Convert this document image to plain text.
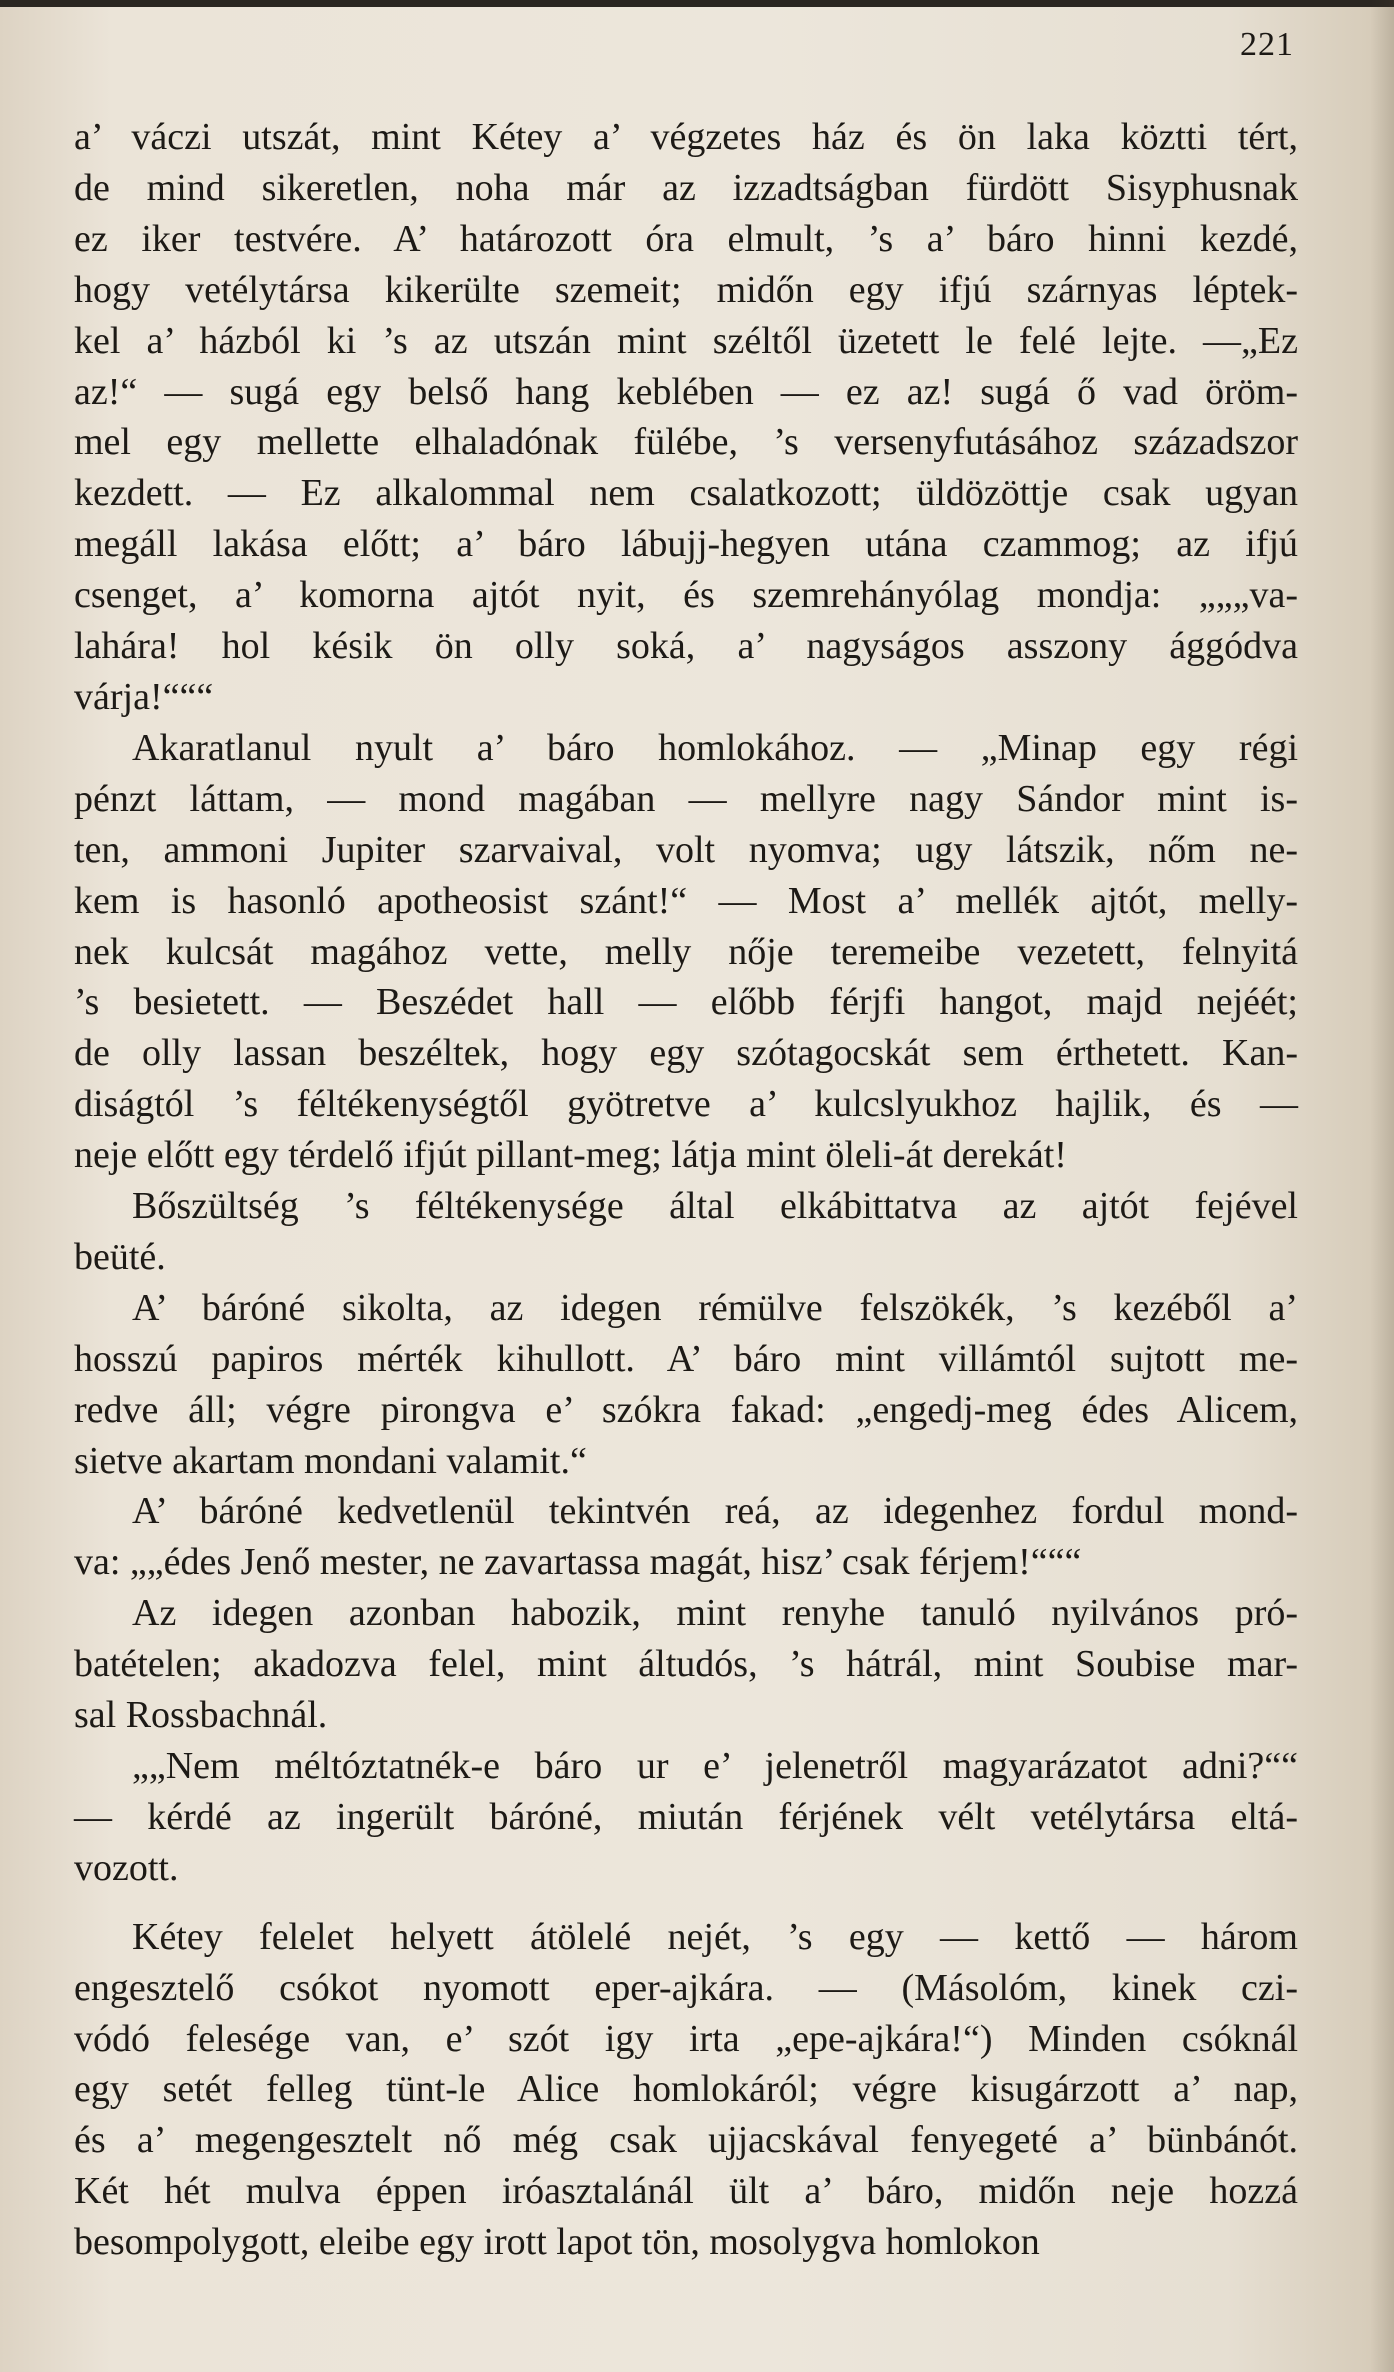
221
a’ váczi utszát, mint Kétey a’ végzetes ház és ön laka köztti tért,
de mind sikeretlen, noha már az izzadtságban fürdött Sisyphusnak
ez iker testvére. A’ határozott óra elmult, ’s a’ báro hinni kezdé,
hogy vetélytársa kikerülte szemeit; midőn egy ifjú szárnyas léptek-
kel a’ házból ki ’s az utszán mint széltől üzetett le felé lejte. —„Ez
az!“ — sugá egy belső hang keblében — ez az! sugá ő vad öröm-
mel egy mellette elhaladónak fülébe, ’s versenyfutásához századszor
kezdett. — Ez alkalommal nem csalatkozott; üldözöttje csak ugyan
megáll lakása előtt; a’ báro lábujj-hegyen utána czammog; az ifjú
csenget, a’ komorna ajtót nyit, és szemrehányólag mondja: „„„va-
lahára! hol késik ön olly soká, a’ nagyságos asszony ággódva
várja!“““
Akaratlanul nyult a’ báro homlokához. — „Minap egy régi
pénzt láttam, — mond magában — mellyre nagy Sándor mint is-
ten, ammoni Jupiter szarvaival, volt nyomva; ugy látszik, nőm ne-
kem is hasonló apotheosist szánt!“ — Most a’ mellék ajtót, melly-
nek kulcsát magához vette, melly nője teremeibe vezetett, felnyitá
’s besietett. — Beszédet hall — előbb férjfi hangot, majd nejéét;
de olly lassan beszéltek, hogy egy szótagocskát sem érthetett. Kan-
diságtól ’s féltékenységtől gyötretve a’ kulcslyukhoz hajlik, és —
neje előtt egy térdelő ifjút pillant-meg; látja mint öleli-át derekát!
Bőszültség ’s féltékenysége által elkábittatva az ajtót fejével
beüté.
A’ báróné sikolta, az idegen rémülve felszökék, ’s kezéből a’
hosszú papiros mérték kihullott. A’ báro mint villámtól sujtott me-
redve áll; végre pirongva e’ szókra fakad: „engedj-meg édes Alicem,
sietve akartam mondani valamit.“
A’ báróné kedvetlenül tekintvén reá, az idegenhez fordul mond-
va: „„édes Jenő mester, ne zavartassa magát, hisz’ csak férjem!“““
Az idegen azonban habozik, mint renyhe tanuló nyilvános pró-
batételen; akadozva felel, mint áltudós, ’s hátrál, mint Soubise mar-
sal Rossbachnál.
„„Nem méltóztatnék-e báro ur e’ jelenetről magyarázatot adni?““
— kérdé az ingerült báróné, miután férjének vélt vetélytársa eltá-
vozott.
Kétey felelet helyett átölelé nejét, ’s egy — kettő — három
engesztelő csókot nyomott eper-ajkára. — (Másolóm, kinek czi-
vódó felesége van, e’ szót igy irta „epe-ajkára!“) Minden csóknál
egy setét felleg tünt-le Alice homlokáról; végre kisugárzott a’ nap,
és a’ megengesztelt nő még csak ujjacskával fenyegeté a’ bünbánót.
Két hét mulva éppen iróasztalánál ült a’ báro, midőn neje hozzá
besompolygott, eleibe egy irott lapot tön, mosolygva homlokon
